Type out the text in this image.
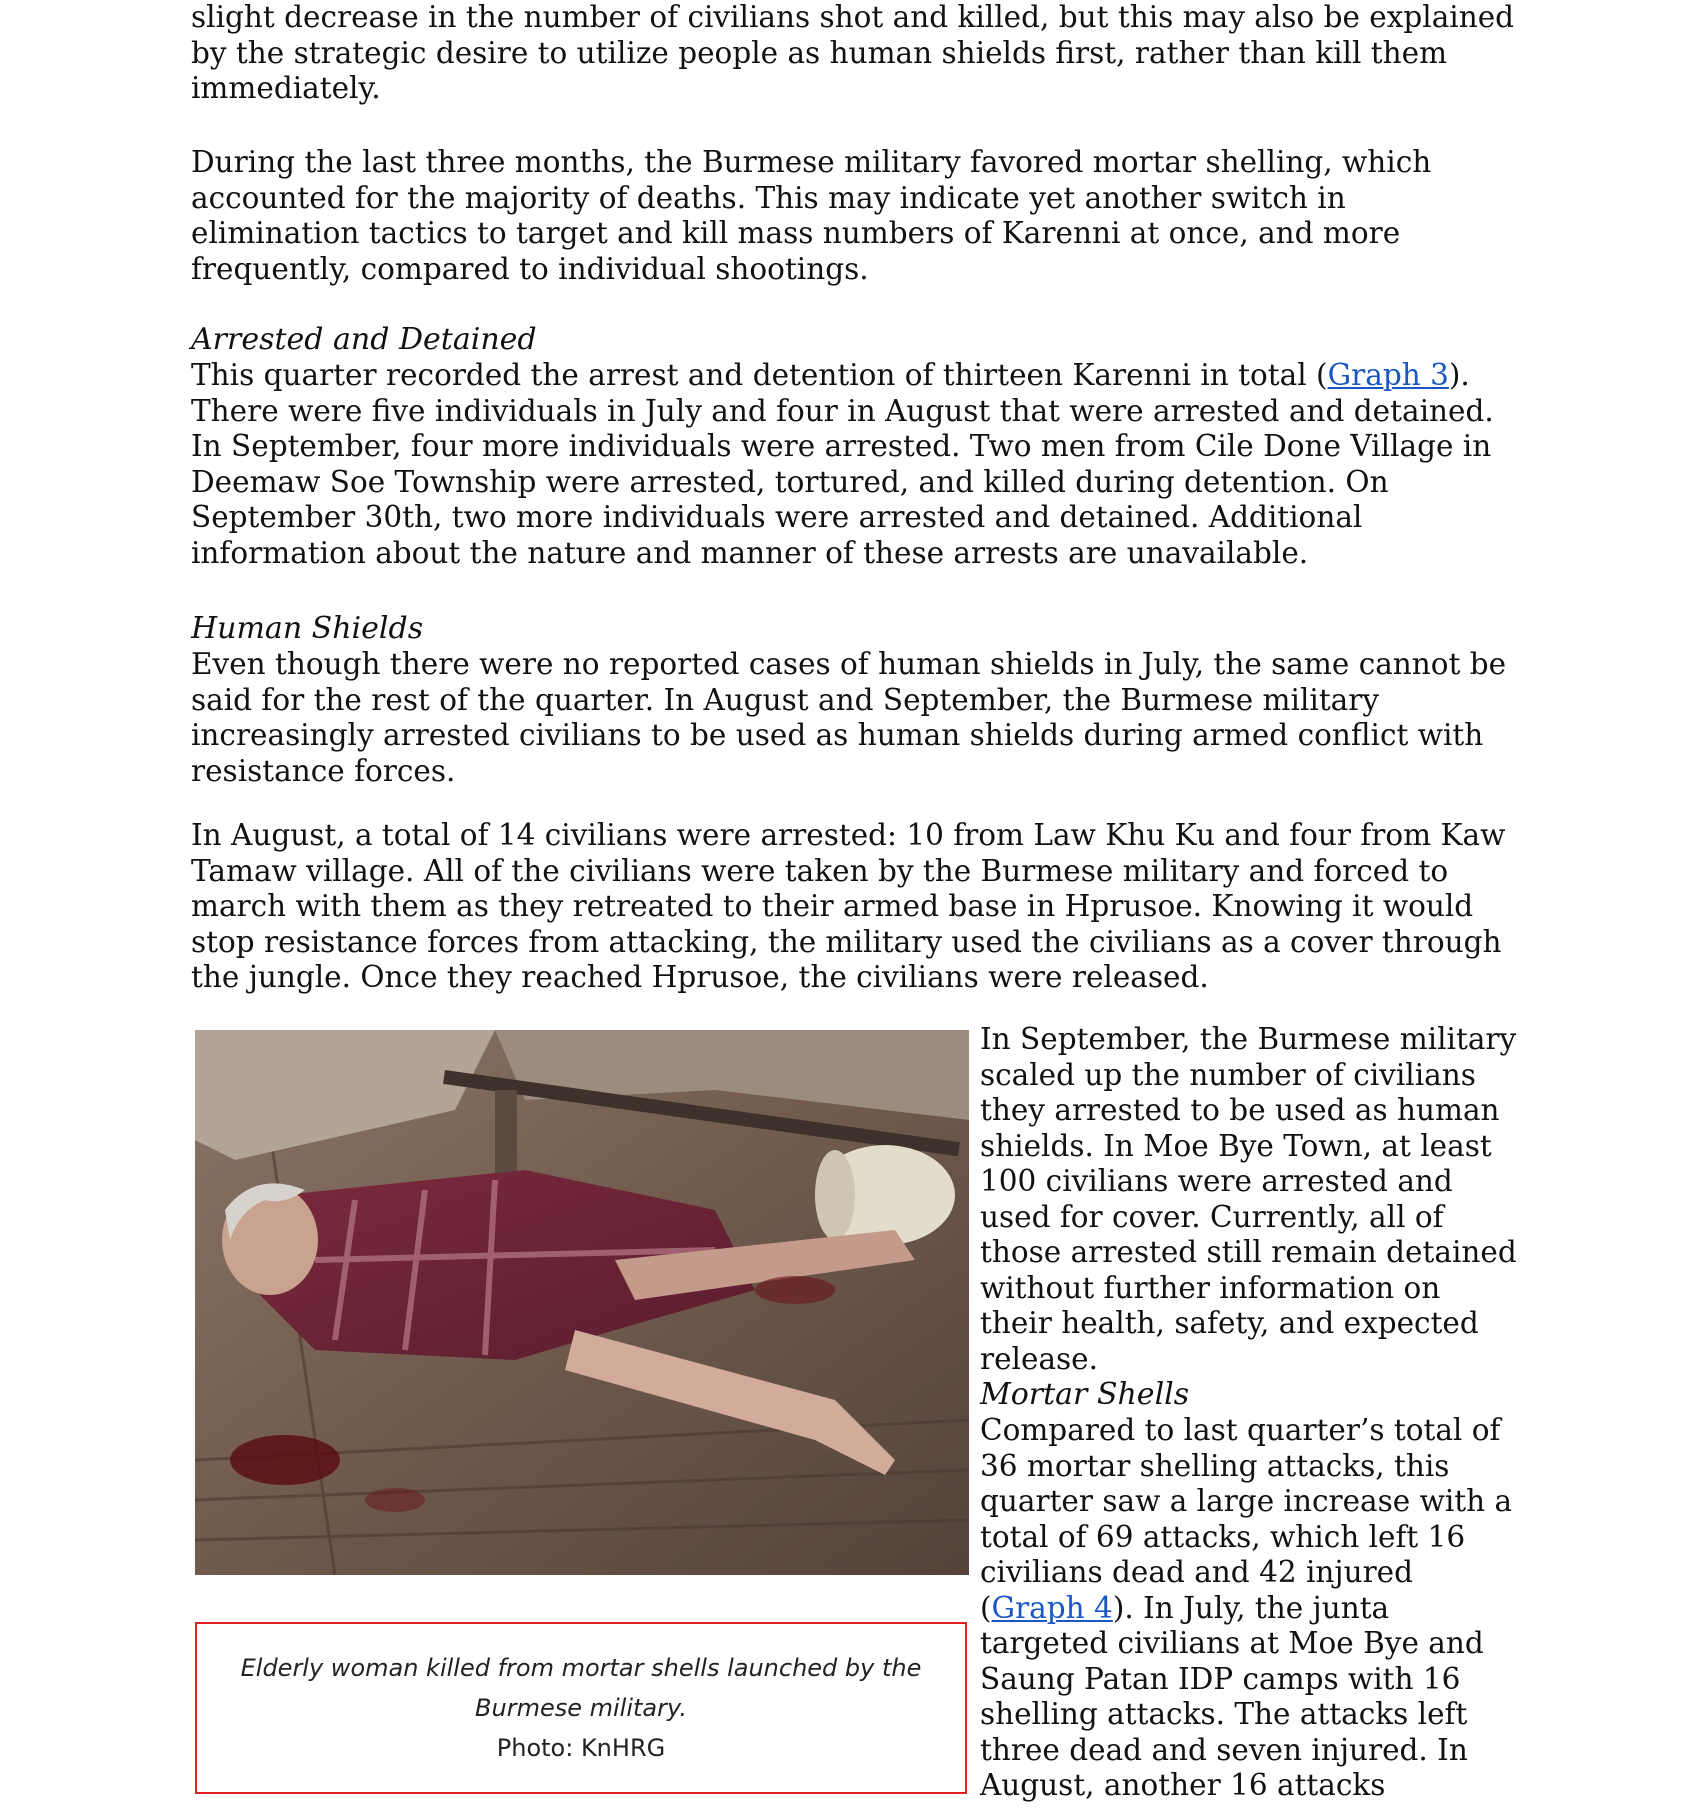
slight decrease in the number of civilians shot and killed, but this may also be explained by the strategic desire to utilize people as human shields first, rather than kill them immediately.

During the last three months, the Burmese military favored mortar shelling, which accounted for the majority of deaths. This may indicate yet another switch in elimination tactics to target and kill mass numbers of Karenni at once, and more frequently, compared to individual shootings.

Arrested and Detained

This quarter recorded the arrest and detention of thirteen Karenni in total (Graph 3). There were five individuals in July and four in August that were arrested and detained. In September, four more individuals were arrested. Two men from Cile Done Village in Deemaw Soe Township were arrested, tortured, and killed during detention. On September 30th, two more individuals were arrested and detained. Additional information about the nature and manner of these arrests are unavailable.

Human Shields

Even though there were no reported cases of human shields in July, the same cannot be said for the rest of the quarter. In August and September, the Burmese military increasingly arrested civilians to be used as human shields during armed conflict with resistance forces.

In August, a total of 14 civilians were arrested: 10 from Law Khu Ku and four from Kaw Tamaw village. All of the civilians were taken by the Burmese military and forced to march with them as they retreated to their armed base in Hprusoe. Knowing it would stop resistance forces from attacking, the military used the civilians as a cover through the jungle. Once they reached Hprusoe, the civilians were released.

Elderly woman killed from mortar shells launched by the
Burmese military.
Photo: KnHRG

In September, the Burmese military scaled up the number of civilians they arrested to be used as human shields. In Moe Bye Town, at least 100 civilians were arrested and used for cover. Currently, all of those arrested still remain detained without further information on their health, safety, and expected release.

Mortar Shells

Compared to last quarter’s total of 36 mortar shelling attacks, this quarter saw a large increase with a total of 69 attacks, which left 16 civilians dead and 42 injured (Graph 4). In July, the junta targeted civilians at Moe Bye and Saung Patan IDP camps with 16 shelling attacks. The attacks left three dead and seven injured. In August, another 16 attacks
